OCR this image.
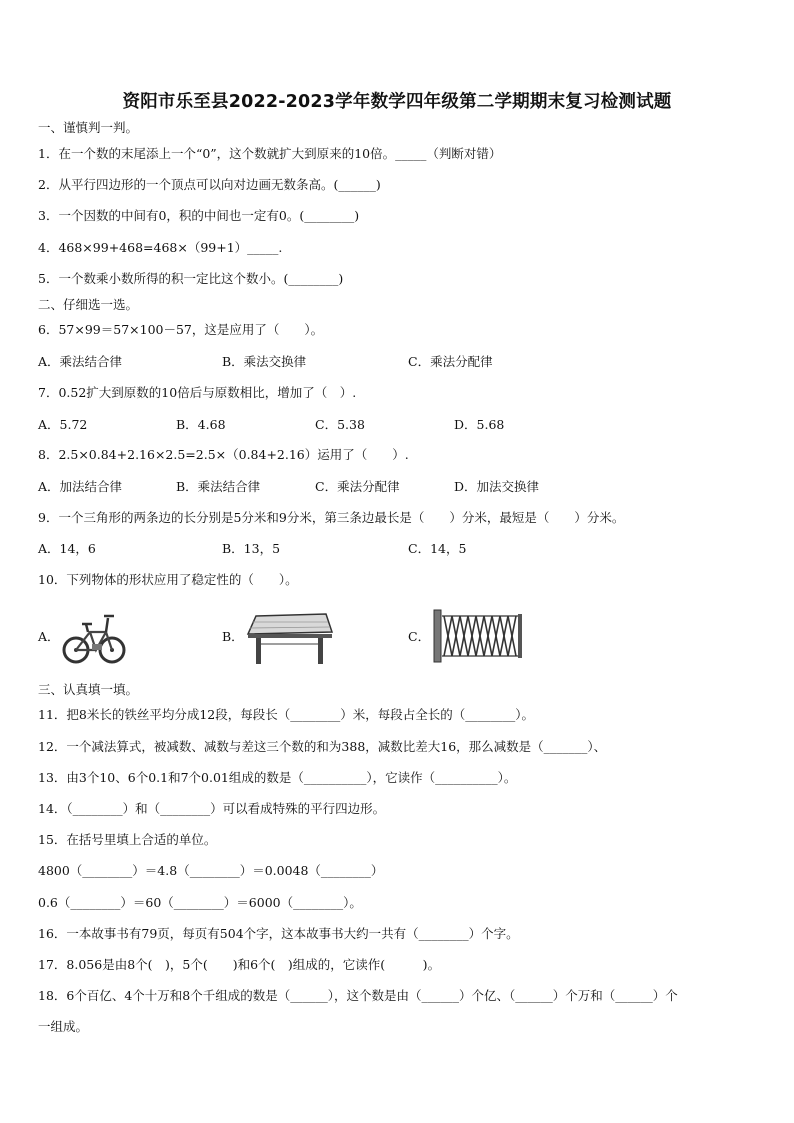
资阳市乐至县2022-2023学年数学四年级第二学期期末复习检测试题
一、谨慎判一判。
1．在一个数的末尾添上一个“0”，这个数就扩大到原来的10倍。_____（判断对错）
2．从平行四边形的一个顶点可以向对边画无数条高。(______)
3．一个因数的中间有0，积的中间也一定有0。(________)
4．468×99+468=468×（99+1）_____.
5．一个数乘小数所得的积一定比这个数小。(________)
二、仔细选一选。
6．57×99＝57×100－57，这是应用了（　　）。
A．乘法结合律	B．乘法交换律	C．乘法分配律
7．0.52扩大到原数的10倍后与原数相比，增加了（　）.
A．5.72	B．4.68	C．5.38	D．5.68
8．2.5×0.84+2.16×2.5=2.5×（0.84+2.16）运用了（　　）.
A．加法结合律	B．乘法结合律	C．乘法分配律	D．加法交换律
9．一个三角形的两条边的长分别是5分米和9分米，第三条边最长是（　　）分米，最短是（　　）分米。
A．14，6	B．13，5	C．14，5
10．下列物体的形状应用了稳定性的（　　）。
A．	B．	C．
三、认真填一填。
11．把8米长的铁丝平均分成12段，每段长（________）米，每段占全长的（________）。
12．一个减法算式，被减数、减数与差这三个数的和为388，减数比差大16，那么减数是（_______）、
13．由3个10、6个0.1和7个0.01组成的数是（__________），它读作（__________）。
14．（________）和（________）可以看成特殊的平行四边形。
15．在括号里填上合适的单位。
4800（________）＝4.8（________）＝0.0048（________）
0.6（________）＝60（________）＝6000（________）。
16．一本故事书有79页，每页有504个字，这本故事书大约一共有（________）个字。
17．8.056是由8个(　)，5个(　　)和6个(　)组成的，它读作(　　　)。
18．6个百亿、4个十万和8个千组成的数是（______），这个数是由（______）个亿、（______）个万和（______）个
一组成。
